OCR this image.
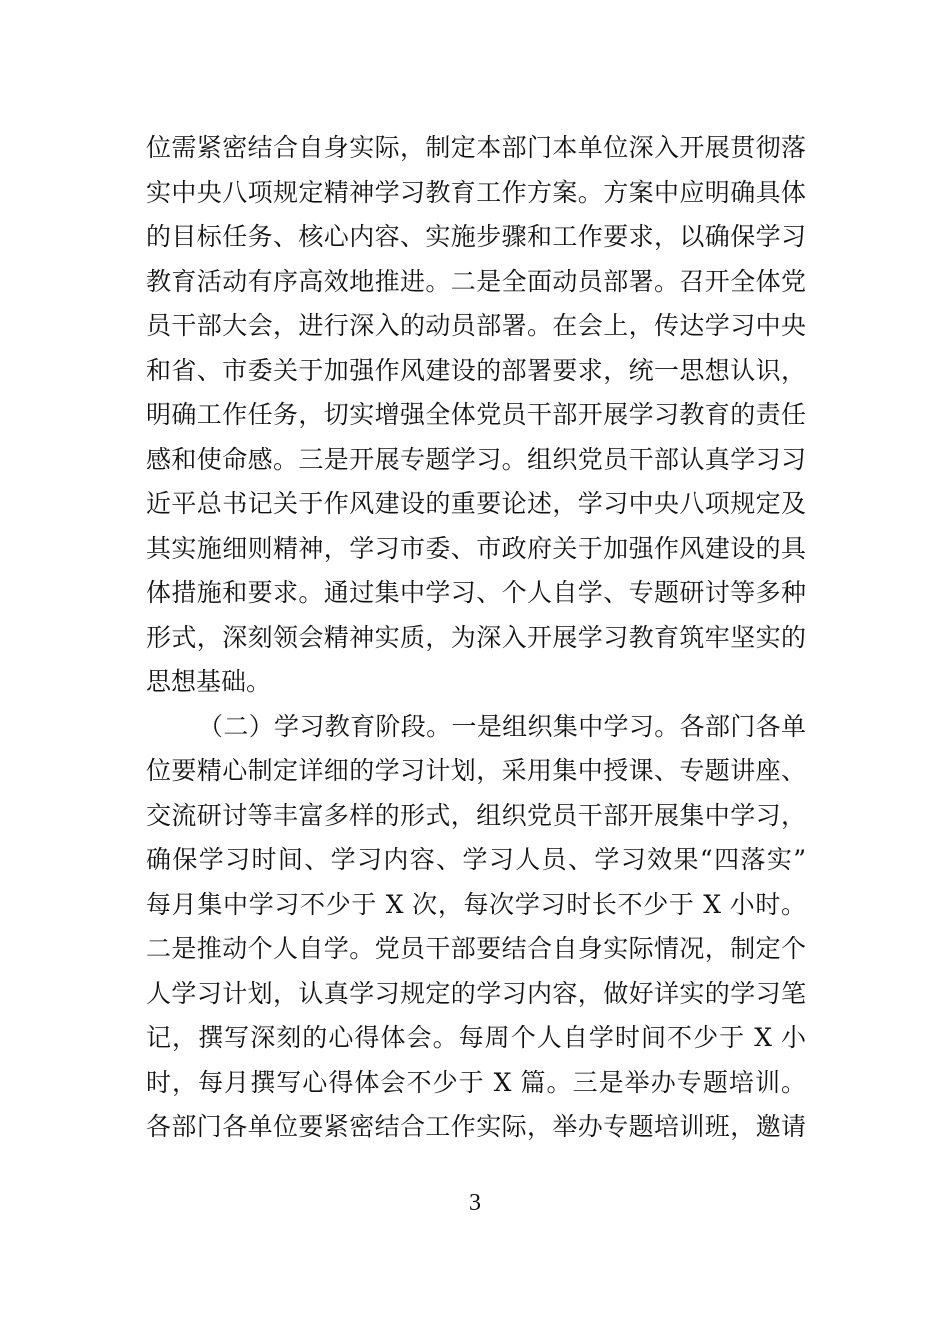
位需紧密结合自身实际，制定本部门本单位深入开展贯彻落
实中央八项规定精神学习教育工作方案。方案中应明确具体
的目标任务、核心内容、实施步骤和工作要求，以确保学习
教育活动有序高效地推进。二是全面动员部署。召开全体党
员干部大会，进行深入的动员部署。在会上，传达学习中央
和省、市委关于加强作风建设的部署要求，统一思想认识，
明确工作任务，切实增强全体党员干部开展学习教育的责任
感和使命感。三是开展专题学习。组织党员干部认真学习习
近平总书记关于作风建设的重要论述，学习中央八项规定及
其实施细则精神，学习市委、市政府关于加强作风建设的具
体措施和要求。通过集中学习、个人自学、专题研讨等多种
形式，深刻领会精神实质，为深入开展学习教育筑牢坚实的
思想基础。
（二）学习教育阶段。一是组织集中学习。各部门各单
位要精心制定详细的学习计划，采用集中授课、专题讲座、
交流研讨等丰富多样的形式，组织党员干部开展集中学习，
确保学习时间、学习内容、学习人员、学习效果“四落实”
每月集中学习不少于 X 次，每次学习时长不少于 X 小时。
二是推动个人自学。党员干部要结合自身实际情况，制定个
人学习计划，认真学习规定的学习内容，做好详实的学习笔
记，撰写深刻的心得体会。每周个人自学时间不少于 X 小
时，每月撰写心得体会不少于 X 篇。三是举办专题培训。
各部门各单位要紧密结合工作实际，举办专题培训班，邀请
3
